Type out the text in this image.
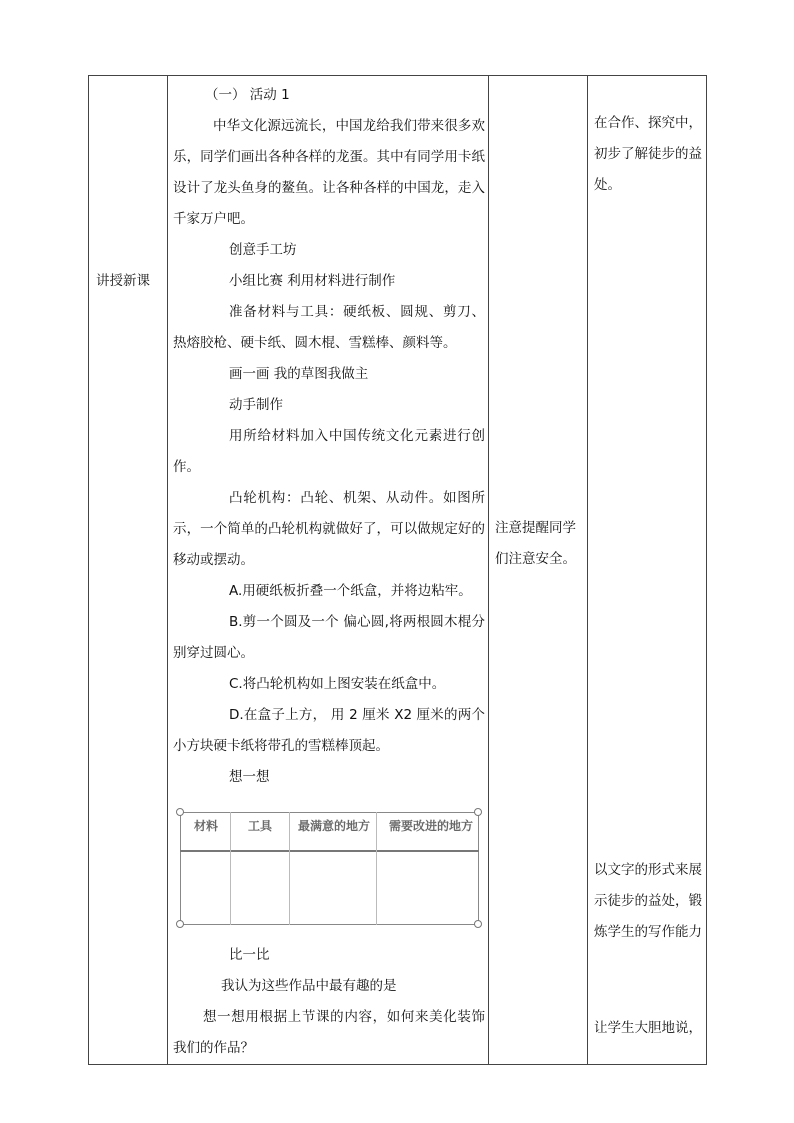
讲授新课

（一） 活动 1

中华文化源远流长，中国龙给我们带来很多欢乐，同学们画出各种各样的龙蛋。其中有同学用卡纸设计了龙头鱼身的鳌鱼。让各种各样的中国龙，走入千家万户吧。

创意手工坊

小组比赛 利用材料进行制作

准备材料与工具：硬纸板、圆规、剪刀、热熔胶枪、硬卡纸、圆木棍、雪糕棒、颜料等。

画一画 我的草图我做主

动手制作

用所给材料加入中国传统文化元素进行创作。

凸轮机构：凸轮、机架、从动件。如图所示，一个简单的凸轮机构就做好了，可以做规定好的移动或摆动。

A.用硬纸板折叠一个纸盒，并将边粘牢。

B.剪一个圆及一个 偏心圆,将两根圆木棍分别穿过圆心。

C.将凸轮机构如上图安装在纸盒中。

D.在盒子上方， 用 2 厘米 X2 厘米的两个小方块硬卡纸将带孔的雪糕棒顶起。

想一想

材料 工具 最满意的地方 需要改进的地方

比一比

我认为这些作品中最有趣的是

想一想用根据上节课的内容，如何来美化装饰我们的作品？

注意提醒同学们注意安全。
在合作、探究中，初步了解徒步的益处。
以文字的形式来展示徒步的益处，锻炼学生的写作能力
让学生大胆地说，
